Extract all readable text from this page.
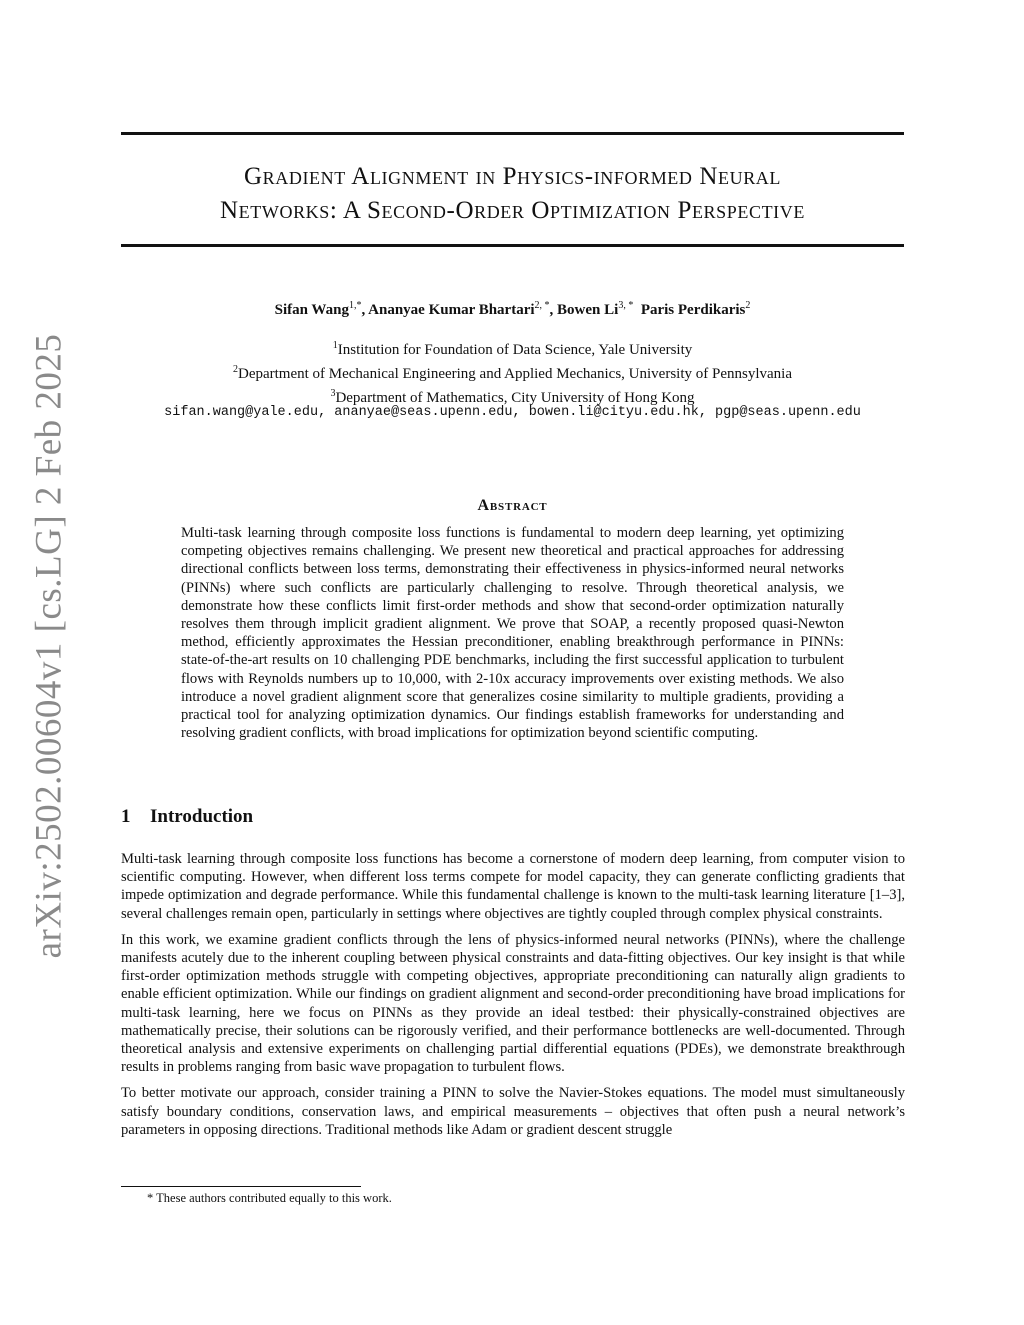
arXiv:2502.00604v1 [cs.LG] 2 Feb 2025
Gradient Alignment in Physics-informed Neural
Networks: A Second-Order Optimization Perspective
Sifan Wang$^{1,*}$, Ananyae Kumar Bhartari$^{2, *}$, Bowen $Li^{3, *}$ Paris Perdikaris$^2$
$^1$Institution for Foundation of Data Science, Yale University
$^2$Department of Mechanical Engineering and Applied Mechanics, University of Pennsylvania
$^3$Department of Mathematics, City University of Hong Kong
sifan.wang@yale.edu, ananyae@seas.upenn.edu, bowen.li@cityu.edu.hk, pgp@seas.upenn.edu
Abstract

Multi-task learning through composite loss functions is fundamental to modern deep learning, yet optimizing competing objectives remains challenging. We present new theoretical and practical approaches for addressing directional conflicts between loss terms, demonstrating their effectiveness in physics-informed neural networks (PINNs) where such conflicts are particularly challenging to resolve. Through theoretical analysis, we demonstrate how these conflicts limit first-order methods and show that second-order optimization naturally resolves them through implicit gradient alignment. We prove that SOAP, a recently proposed quasi-Newton method, efficiently approximates the Hessian preconditioner, enabling breakthrough performance in PINNs: state-of-the-art results on 10 challenging PDE benchmarks, including the first successful application to turbulent flows with Reynolds numbers up to 10,000, with 2-10x accuracy improvements over existing methods. We also introduce a novel gradient alignment score that generalizes cosine similarity to multiple gradients, providing a practical tool for analyzing optimization dynamics. Our findings establish frameworks for understanding and resolving gradient conflicts, with broad implications for optimization beyond scientific computing.

1 Introduction

Multi-task learning through composite loss functions has become a cornerstone of modern deep learning, from computer vision to scientific computing. However, when different loss terms compete for model capacity, they can generate conflicting gradients that impede optimization and degrade performance. While this fundamental challenge is known to the multi-task learning literature [1–3], several challenges remain open, particularly in settings where objectives are tightly coupled through complex physical constraints.

In this work, we examine gradient conflicts through the lens of physics-informed neural networks (PINNs), where the challenge manifests acutely due to the inherent coupling between physical constraints and data-fitting objectives. Our key insight is that while first-order optimization methods struggle with competing objectives, appropriate preconditioning can naturally align gradients to enable efficient optimization. While our findings on gradient alignment and second-order preconditioning have broad implications for multi-task learning, here we focus on PINNs as they provide an ideal testbed: their physically-constrained objectives are mathematically precise, their solutions can be rigorously verified, and their performance bottlenecks are well-documented. Through theoretical analysis and extensive experiments on challenging partial differential equations (PDEs), we demonstrate breakthrough results in problems ranging from basic wave propagation to turbulent flows.

To better motivate our approach, consider training a PINN to solve the Navier-Stokes equations. The model must simultaneously satisfy boundary conditions, conservation laws, and empirical measurements – objectives that often push a neural network’s parameters in opposing directions. Traditional methods like Adam or gradient descent struggle

* These authors contributed equally to this work.
